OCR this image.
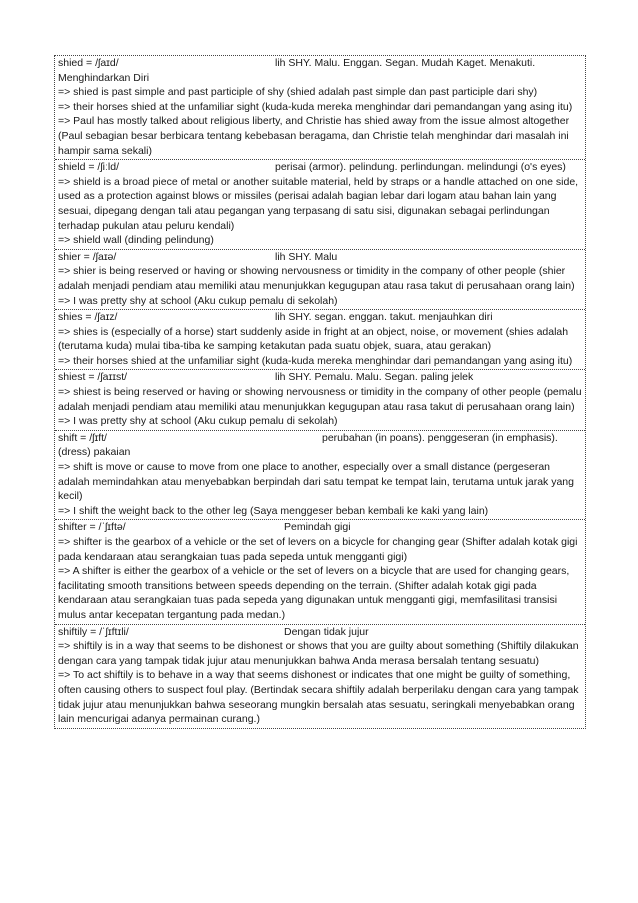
shied = /ʃaɪd/	lih SHY. Malu. Enggan. Segan. Mudah Kaget. Menakuti.
Menghindarkan Diri
=> shied is past simple and past participle of shy (shied adalah past simple dan past participle dari shy)
=> their horses shied at the unfamiliar sight (kuda-kuda mereka menghindar dari pemandangan yang asing itu)
=> Paul has mostly talked about religious liberty, and Christie has shied away from the issue almost altogether (Paul sebagian besar berbicara tentang kebebasan beragama, dan Christie telah menghindar dari masalah ini hampir sama sekali)
shield = /ʃiːld/	perisai (armor). pelindung. perlindungan. melindungi (o's eyes)
=> shield is a broad piece of metal or another suitable material, held by straps or a handle attached on one side, used as a protection against blows or missiles (perisai adalah bagian lebar dari logam atau bahan lain yang sesuai, dipegang dengan tali atau pegangan yang terpasang di satu sisi, digunakan sebagai perlindungan terhadap pukulan atau peluru kendali)
=> shield wall (dinding pelindung)
shier = /ʃaɪə/	lih SHY. Malu
=> shier is being reserved or having or showing nervousness or timidity in the company of other people (shier adalah menjadi pendiam atau memiliki atau menunjukkan kegugupan atau rasa takut di perusahaan orang lain)
=> I was pretty shy at school (Aku cukup pemalu di sekolah)
shies = /ʃaɪz/	lih SHY. segan. enggan. takut. menjauhkan diri
=> shies is (especially of a horse) start suddenly aside in fright at an object, noise, or movement (shies adalah (terutama kuda) mulai tiba-tiba ke samping ketakutan pada suatu objek, suara, atau gerakan)
=> their horses shied at the unfamiliar sight (kuda-kuda mereka menghindar dari pemandangan yang asing itu)
shiest = /ʃaɪɪst/	lih SHY. Pemalu. Malu. Segan. paling jelek
=> shiest is being reserved or having or showing nervousness or timidity in the company of other people (pemalu adalah menjadi pendiam atau memiliki atau menunjukkan kegugupan atau rasa takut di perusahaan orang lain)
=> I was pretty shy at school (Aku cukup pemalu di sekolah)
shift = /ʃɪft/	perubahan (in poans). penggeseran (in emphasis).
(dress) pakaian
=> shift is move or cause to move from one place to another, especially over a small distance (pergeseran adalah memindahkan atau menyebabkan berpindah dari satu tempat ke tempat lain, terutama untuk jarak yang kecil)
=> I shift the weight back to the other leg (Saya menggeser beban kembali ke kaki yang lain)
shifter = /ˈʃɪftə/	Pemindah gigi
=> shifter is the gearbox of a vehicle or the set of levers on a bicycle for changing gear (Shifter adalah kotak gigi pada kendaraan atau serangkaian tuas pada sepeda untuk mengganti gigi)
=> A shifter is either the gearbox of a vehicle or the set of levers on a bicycle that are used for changing gears, facilitating smooth transitions between speeds depending on the terrain. (Shifter adalah kotak gigi pada kendaraan atau serangkaian tuas pada sepeda yang digunakan untuk mengganti gigi, memfasilitasi transisi mulus antar kecepatan tergantung pada medan.)
shiftily = /ˈʃɪftɪli/	Dengan tidak jujur
=> shiftily is in a way that seems to be dishonest or shows that you are guilty about something (Shiftily dilakukan dengan cara yang tampak tidak jujur atau menunjukkan bahwa Anda merasa bersalah tentang sesuatu)
=> To act shiftily is to behave in a way that seems dishonest or indicates that one might be guilty of something, often causing others to suspect foul play. (Bertindak secara shiftily adalah berperilaku dengan cara yang tampak tidak jujur atau menunjukkan bahwa seseorang mungkin bersalah atas sesuatu, seringkali menyebabkan orang lain mencurigai adanya permainan curang.)
